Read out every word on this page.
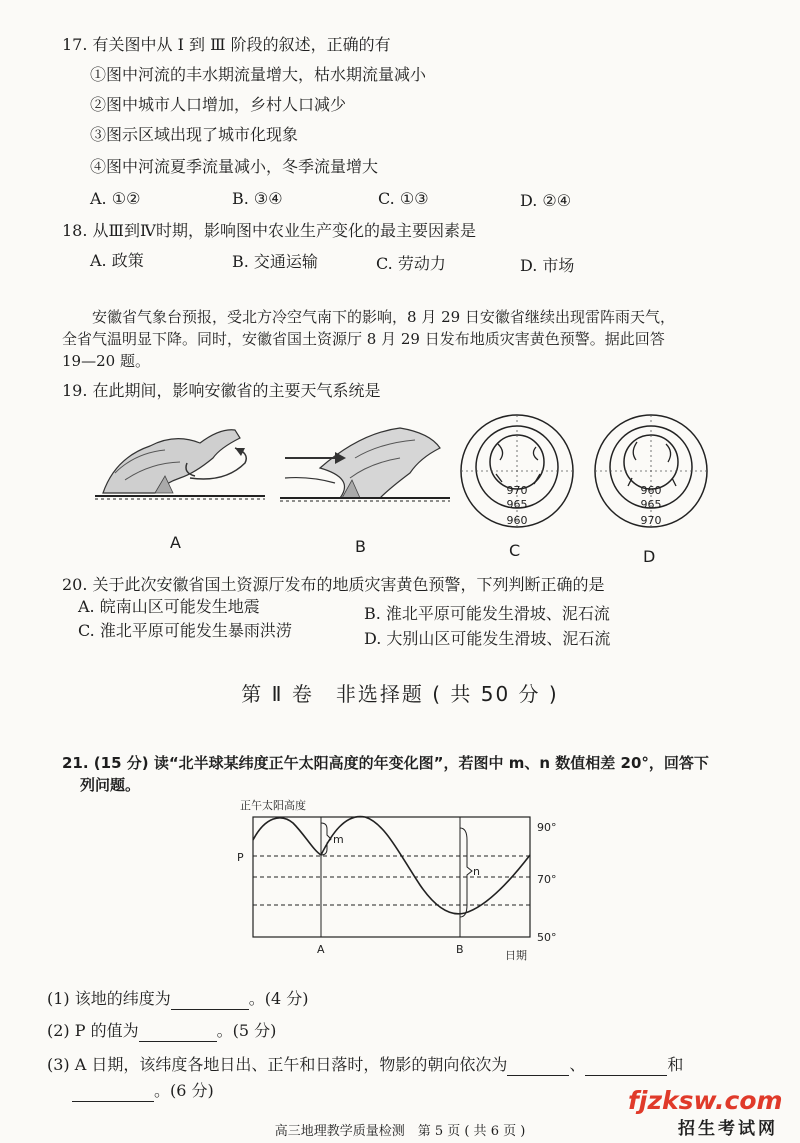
17. 有关图中从 Ⅰ 到 Ⅲ 阶段的叙述，正确的有
①图中河流的丰水期流量增大，枯水期流量减小
②图中城市人口增加，乡村人口减少
③图示区域出现了城市化现象
④图中河流夏季流量减小，冬季流量增大
A. ①②	B. ③④	C. ①③	D. ②④
18. 从Ⅲ到Ⅳ时期，影响图中农业生产变化的最主要因素是
A. 政策	B. 交通运输	C. 劳动力	D. 市场
安徽省气象台预报，受北方冷空气南下的影响，8 月 29 日安徽省继续出现雷阵雨天气，
全省气温明显下降。同时，安徽省国土资源厅 8 月 29 日发布地质灾害黄色预警。据此回答
19—20 题。
19. 在此期间，影响安徽省的主要天气系统是
970
965
960
960
965
970
A	B	C	D
20. 关于此次安徽省国土资源厅发布的地质灾害黄色预警，下列判断正确的是
A. 皖南山区可能发生地震	B. 淮北平原可能发生滑坡、泥石流
C. 淮北平原可能发生暴雨洪涝	D. 大别山区可能发生滑坡、泥石流
第 Ⅱ 卷　非选择题 ( 共 50 分 )
21. (15 分) 读“北半球某纬度正午太阳高度的年变化图”，若图中 m、n 数值相差 20°，回答下
列问题。
正午太阳高度
m
n
P
90°
70°
50°
A	B	日期
(1) 该地的纬度为	。(4 分)
(2) P 的值为	。(5 分)
(3) A 日期，该纬度各地日出、正午和日落时，物影的朝向依次为	、	和
。(6 分)
高三地理教学质量检测　第 5 页 ( 共 6 页 )
fjzksw.com
招生考试网
